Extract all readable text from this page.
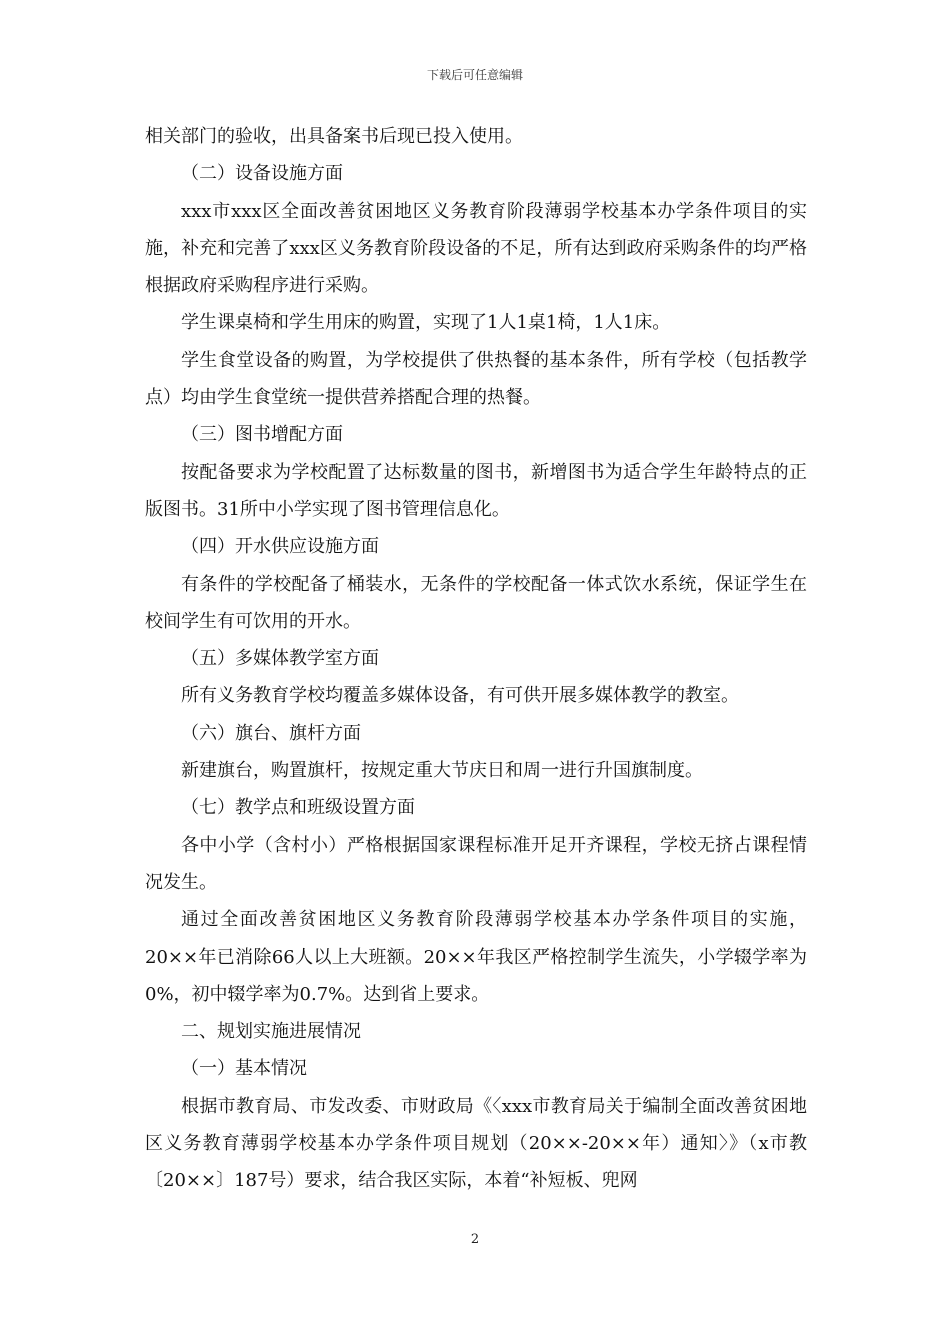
下载后可任意编辑

相关部门的验收，出具备案书后现已投入使用。

（二）设备设施方面

xxx市xxx区全面改善贫困地区义务教育阶段薄弱学校基本办学条件项目的实施，补充和完善了xxx区义务教育阶段设备的不足，所有达到政府采购条件的均严格根据政府采购程序进行采购。

学生课桌椅和学生用床的购置，实现了1人1桌1椅，1人1床。

学生食堂设备的购置，为学校提供了供热餐的基本条件，所有学校（包括教学点）均由学生食堂统一提供营养搭配合理的热餐。

（三）图书增配方面

按配备要求为学校配置了达标数量的图书，新增图书为适合学生年龄特点的正版图书。31所中小学实现了图书管理信息化。

（四）开水供应设施方面

有条件的学校配备了桶装水，无条件的学校配备一体式饮水系统，保证学生在校间学生有可饮用的开水。

（五）多媒体教学室方面

所有义务教育学校均覆盖多媒体设备，有可供开展多媒体教学的教室。

（六）旗台、旗杆方面

新建旗台，购置旗杆，按规定重大节庆日和周一进行升国旗制度。

（七）教学点和班级设置方面

各中小学（含村小）严格根据国家课程标准开足开齐课程，学校无挤占课程情况发生。

通过全面改善贫困地区义务教育阶段薄弱学校基本办学条件项目的实施，20××年已消除66人以上大班额。20××年我区严格控制学生流失，小学辍学率为0%，初中辍学率为0.7%。达到省上要求。

二、规划实施进展情况

（一）基本情况

根据市教育局、市发改委、市财政局《〈xxx市教育局关于编制全面改善贫困地区义务教育薄弱学校基本办学条件项目规划（20××-20××年）通知〉》（x市教〔20××〕187号）要求，结合我区实际，本着“补短板、兜网

2
